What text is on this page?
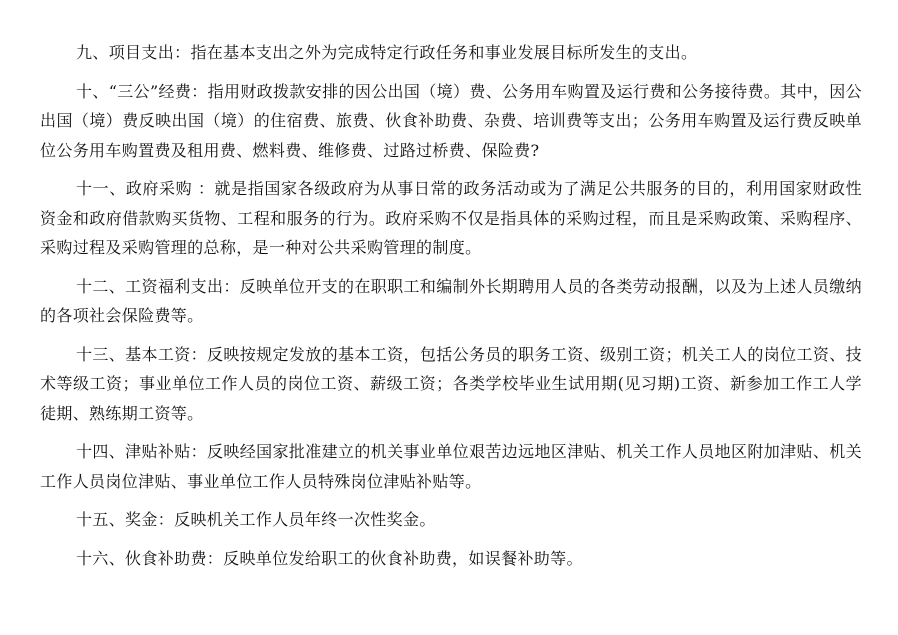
九、项目支出：指在基本支出之外为完成特定行政任务和事业发展目标所发生的支出。

十、“三公”经费：指用财政拨款安排的因公出国（境）费、公务用车购置及运行费和公务接待费。其中，因公出国（境）费反映出国（境）的住宿费、旅费、伙食补助费、杂费、培训费等支出；公务用车购置及运行费反映单位公务用车购置费及租用费、燃料费、维修费、过路过桥费、保险费?

十一、政府采购 ：就是指国家各级政府为从事日常的政务活动或为了满足公共服务的目的，利用国家财政性资金和政府借款购买货物、工程和服务的行为。政府采购不仅是指具体的采购过程，而且是采购政策、采购程序、采购过程及采购管理的总称，是一种对公共采购管理的制度。

十二、工资福利支出：反映单位开支的在职职工和编制外长期聘用人员的各类劳动报酬，以及为上述人员缴纳的各项社会保险费等。

十三、基本工资：反映按规定发放的基本工资，包括公务员的职务工资、级别工资；机关工人的岗位工资、技术等级工资；事业单位工作人员的岗位工资、薪级工资；各类学校毕业生试用期(见习期)工资、新参加工作工人学徒期、熟练期工资等。

十四、津贴补贴：反映经国家批准建立的机关事业单位艰苦边远地区津贴、机关工作人员地区附加津贴、机关工作人员岗位津贴、事业单位工作人员特殊岗位津贴补贴等。

十五、奖金：反映机关工作人员年终一次性奖金。

十六、伙食补助费：反映单位发给职工的伙食补助费，如误餐补助等。
